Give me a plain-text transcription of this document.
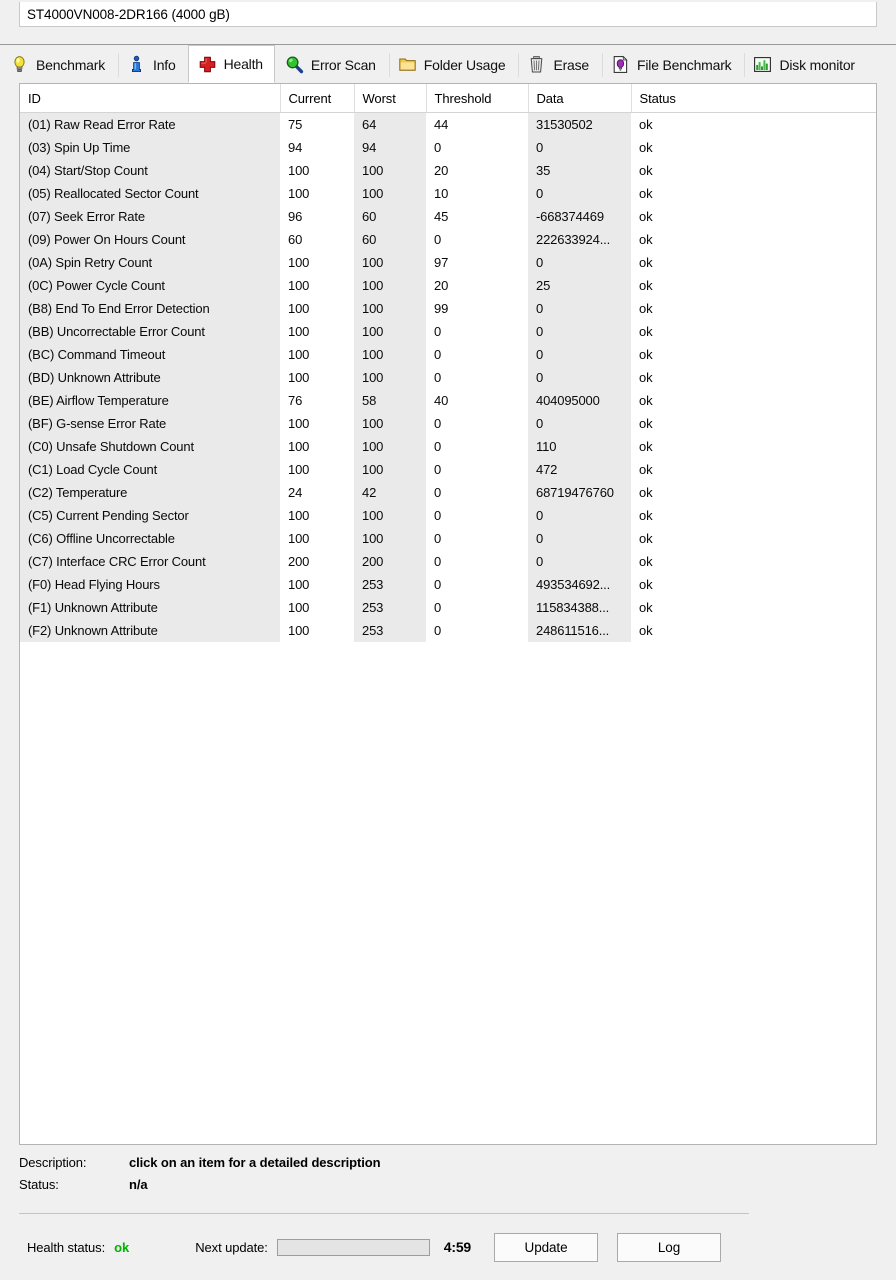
ST4000VN008-2DR166 (4000 gB)
Benchmark	Info	Health	Error Scan	Folder Usage	Erase	File Benchmark	Disk monitor
ID	Current	Worst	Threshold	Data	Status
(01) Raw Read Error Rate	75	64	44	31530502	ok
(03) Spin Up Time	94	94	0	0	ok
(04) Start/Stop Count	100	100	20	35	ok
(05) Reallocated Sector Count	100	100	10	0	ok
(07) Seek Error Rate	96	60	45	-668374469	ok
(09) Power On Hours Count	60	60	0	222633924...	ok
(0A) Spin Retry Count	100	100	97	0	ok
(0C) Power Cycle Count	100	100	20	25	ok
(B8) End To End Error Detection	100	100	99	0	ok
(BB) Uncorrectable Error Count	100	100	0	0	ok
(BC) Command Timeout	100	100	0	0	ok
(BD) Unknown Attribute	100	100	0	0	ok
(BE) Airflow Temperature	76	58	40	404095000	ok
(BF) G-sense Error Rate	100	100	0	0	ok
(C0) Unsafe Shutdown Count	100	100	0	110	ok
(C1) Load Cycle Count	100	100	0	472	ok
(C2) Temperature	24	42	0	68719476760	ok
(C5) Current Pending Sector	100	100	0	0	ok
(C6) Offline Uncorrectable	100	100	0	0	ok
(C7) Interface CRC Error Count	200	200	0	0	ok
(F0) Head Flying Hours	100	253	0	493534692...	ok
(F1) Unknown Attribute	100	253	0	115834388...	ok
(F2) Unknown Attribute	100	253	0	248611516...	ok
Description:	click on an item for a detailed description
Status:	n/a
Health status: ok	Next update:	4:59	Update	Log
